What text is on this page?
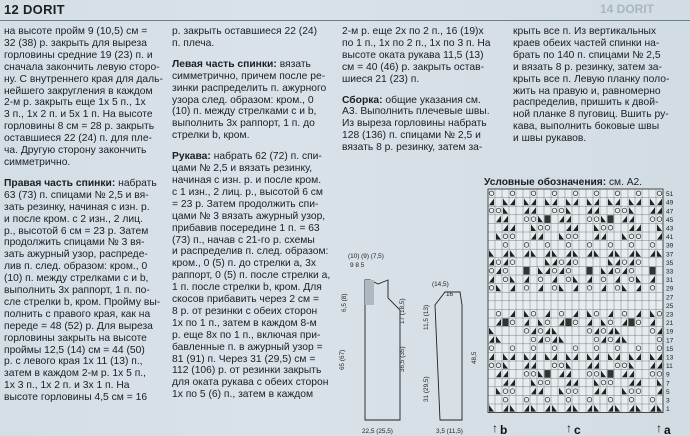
12 DORIT	14 DORIT
на высоте пройм 9 (10,5) см =
32 (38) р. закрыть для выреза
горловины средние 19 (23) п. и
сначала закончить левую сторо-
ну. С внутреннего края для даль-
нейшего закругления в каждом
2-м р. закрыть еще 1x 5 п., 1x
3 п., 1x 2 п. и 5x 1 п. На высоте
горловины 8 см = 28 р. закрыть
оставшиеся 22 (24) п. для пле-
ча. Другую сторону закончить
симметрично.

Правая часть спинки: набрать

63 (73) п. спицами № 2,5 и вя-
зать резинку, начиная с изн. р.
и после кром. с 2 изн., 2 лиц.
р., высотой 6 см = 23 р. Затем
продолжить спицами № 3 вя-
зать ажурный узор, распреде-
лив п. след. образом: кром., 0
(10) п. между стрелками с и b,
выполнить 3x раппорт, 1 п. по-
сле стрелки b, кром. Пройму вы-
полнить с правого края, как на
переде = 48 (52) р. Для выреза
горловины закрыть на высоте
проймы 12,5 (14) см = 44 (50)
р. с левого края 1x 11 (13) п.,
затем в каждом 2-м р. 1x 5 п.,
1x 3 п., 1x 2 п. и 3x 1 п. На
высоте горловины 4,5 см = 16
р. закрыть оставшиеся 22 (24)
п. плеча.

Левая часть спинки: вязать

симметрично, причем после ре-
зинки распределить п. ажурного
узора след. образом: кром., 0
(10) п. между стрелками с и b,
выполнить 3x раппорт, 1 п. до
стрелки b, кром.

Рукава: набрать 62 (72) п. спи-

цами № 2,5 и вязать резинку,
начиная с изн. р. и после кром.
с 1 изн., 2 лиц. р., высотой 6 см
= 23 р. Затем продолжить спи-
цами № 3 вязать ажурный узор,
прибавив посередине 1 п. = 63
(73) п., начав с 21-го р. схемы
и распределив п. след. образом:
кром., 0 (5) п. до стрелки а, 3x
раппорт, 0 (5) п. после стрелки а,
1 п. после стрелки b, кром. Для
скосов прибавить через 2 см =
8 р. от резинки с обеих сторон
1x по 1 п., затем в каждом 8-м
р. еще 8x по 1 п., включая при-
бавленные п. в ажурный узор =
81 (91) п. Через 31 (29,5) см =
112 (106) р. от резинки закрыть
для оката рукава с обеих сторон
1x по 5 (6) п., затем в каждом
2-м р. еще 2x по 2 п., 16 (19)x
по 1 п., 1x по 2 п., 1x по 3 п. На
высоте оката рукава 11,5 (13)
см = 40 (46) р. закрыть остав-
шиеся 21 (23) п.

Сборка: общие указания см.

А3. Выполнить плечевые швы.
Из выреза горловины набрать
128 (136) п. спицами № 2,5 и
вязать 8 р. резинку, затем за-
крыть все п. Из вертикальных
краев обеих частей спинки на-
брать по 140 п. спицами № 2,5
и вязать 8 р. резинку, затем за-
крыть все п. Левую планку поло-
жить на правую и, равномерно
распределив, пришить к двой-
ной планке 8 пуговиц. Вшить ру-
кава, выполнить боковые швы
и швы рукавов.
Условные обозначения: см. А2.
(10) (9) (7,5)
9 8 5
22,5 (25,5)
6,5 (8)
36,5 (35)
17 (18,5)
65 (67)
(14,5)
16
31 (29,5)
11,5 (13)
3,5 (11,5)
48,5
51
49
47
45
43
41
39
37
35
33
31
29
27
25
23
21
19
17
15
13
11
9
7
5
3
1
↑ b	↑ c	↑ a
